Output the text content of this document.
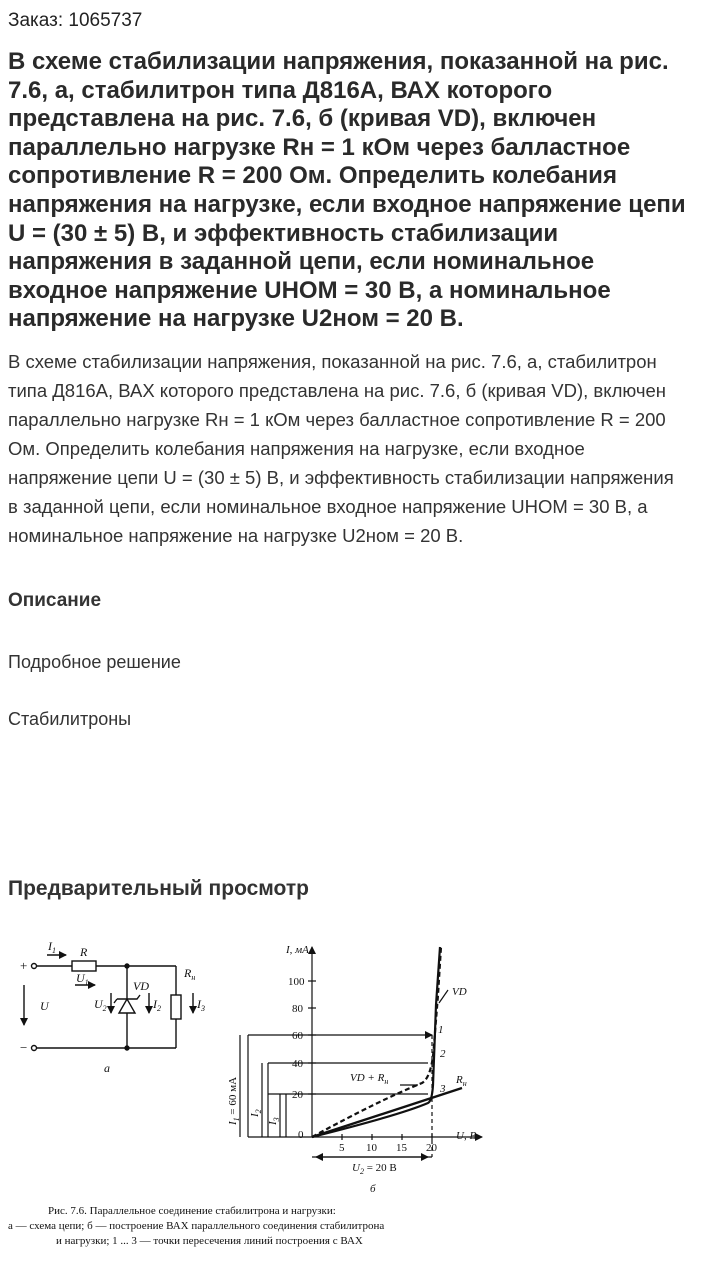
Заказ: 1065737
В схеме стабилизации напряжения, показанной на рис. 7.6, а, стабилитрон типа Д816А, ВАХ которого представлена на рис. 7.6, б (кривая VD), включен параллельно нагрузке Rн = 1 кОм через балластное сопротивление R = 200 Ом. Определить колебания напряжения на нагрузке, если входное напряжение цепи U = (30 ± 5) В, и эффективность стабилизации напряжения в заданной цепи, если номинальное входное напряжение UНОМ = 30 В, а номинальное напряжение на нагрузке U2ном = 20 В.

В схеме стабилизации напряжения, показанной на рис. 7.6, а, стабилитрон типа Д816А, ВАХ которого представлена на рис. 7.6, б (кривая VD), включен параллельно нагрузке Rн = 1 кОм через балластное сопротивление R = 200 Ом. Определить колебания напряжения на нагрузке, если входное напряжение цепи U = (30 ± 5) В, и эффективность стабилизации напряжения в заданной цепи, если номинальное входное напряжение UНОМ = 30 В, а номинальное напряжение на нагрузке U2ном = 20 В.

Описание
Подробное решение
Стабилитроны
Предварительный просмотр
+
−
$I_1$ R
$U_1$
U	$U_2$
VD
$I_2$
$R_н$
$I_3$
а
I, мА
100
80
60
40
20
0
5 10 15 20
U, В
VD
VD + $R_н$	$R_н$
1
2
3
$I_1 = 60$ мА $I_2$
$I_3$
$U_2 = 20$ В
б
Рис. 7.6. Параллельное соединение стабилитрона и нагрузки:
а — схема цепи; б — построение ВАХ параллельного соединения стабилитрона
и нагрузки; 1 ... 3 — точки пересечения линий построения с ВАХ
